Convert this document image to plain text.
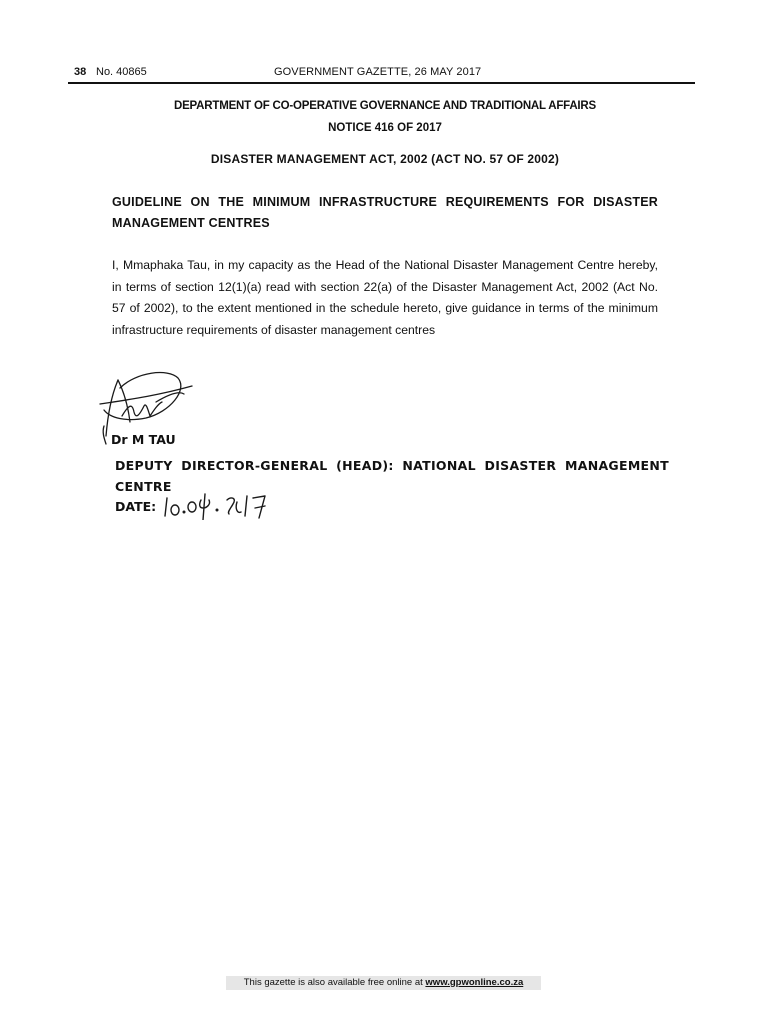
38 No. 40865	GOVERNMENT GAZETTE, 26 MAY 2017
DEPARTMENT OF CO-OPERATIVE GOVERNANCE AND TRADITIONAL AFFAIRS
NOTICE 416 OF 2017
DISASTER MANAGEMENT ACT, 2002 (ACT NO. 57 OF 2002)

GUIDELINE ON THE MINIMUM INFRASTRUCTURE REQUIREMENTS FOR DISASTER MANAGEMENT CENTRES

I, Mmaphaka Tau, in my capacity as the Head of the National Disaster Management Centre hereby, in terms of section 12(1)(a) read with section 22(a) of the Disaster Management Act, 2002 (Act No. 57 of 2002), to the extent mentioned in the schedule hereto, give guidance in terms of the minimum infrastructure requirements of disaster management centres

Dr M TAU

DEPUTY DIRECTOR-GENERAL (HEAD): NATIONAL DISASTER MANAGEMENT CENTRE

DATE:
This gazette is also available free online at www.gpwonline.co.za
